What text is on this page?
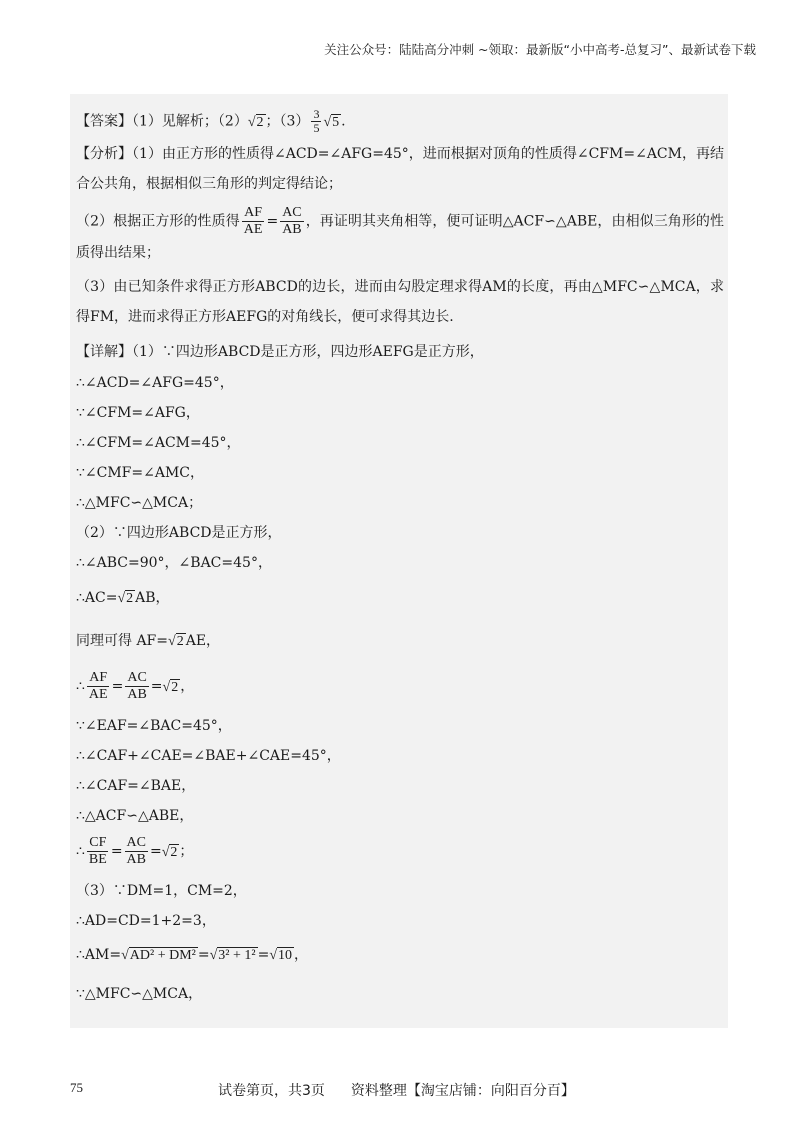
关注公众号：陆陆高分冲刺 ~领取：最新版“小中高考-总复习”、最新试卷下载
【答案】（1）见解析；（2）√2 ；$(3) \frac{3}{5} √5$ .
【分析】（1）由正方形的性质得∠ACD=∠AFG=45°，进而根据对顶角的性质得∠CFM=∠ACM，再结合公共角，根据相似三角形的判定得结论；
（2）根据正方形的性质得 $\frac{AF}{AE} = \frac{AC}{AB}$ ，再证明其夹角相等，便可证明△ACF∽△ABE，由相似三角形的性质得出结果；
（3）由已知条件求得正方形ABCD的边长，进而由勾股定理求得AM的长度，再由△MFC∽△MCA，求得FM，进而求得正方形AEFG的对角线长，便可求得其边长.
【详解】（1）∵四边形ABCD是正方形，四边形AEFG是正方形，
∴∠ACD=∠AFG=45°，
∵∠CFM=∠AFG，
∴∠CFM=∠ACM=45°，
∵∠CMF=∠AMC，
∴△MFC∽△MCA；
（2）∵四边形ABCD是正方形，
∴∠ABC=90°，∠BAC=45°，
∴AC=√2 AB，
同理可得 AF=√2 AE，
∴ $\frac{AF}{AE} = \frac{AC}{AB} =√2$ ，
∵∠EAF=∠BAC=45°，
∴∠CAF+∠CAE=∠BAE+∠CAE=45°，
∴∠CAF=∠BAE，
∴△ACF∽△ABE，
∴ $\frac{CF}{BE} = \frac{AC}{AB} =√2$ ；
（3）∵DM=1，CM=2，
∴AD=CD=1+2=3，
∴AM=√AD² + DM² =√3² + 1² =√10 ，
∵△MFC∽△MCA，
75	试卷第页，共3页 资料整理【淘宝店铺：向阳百分百】
